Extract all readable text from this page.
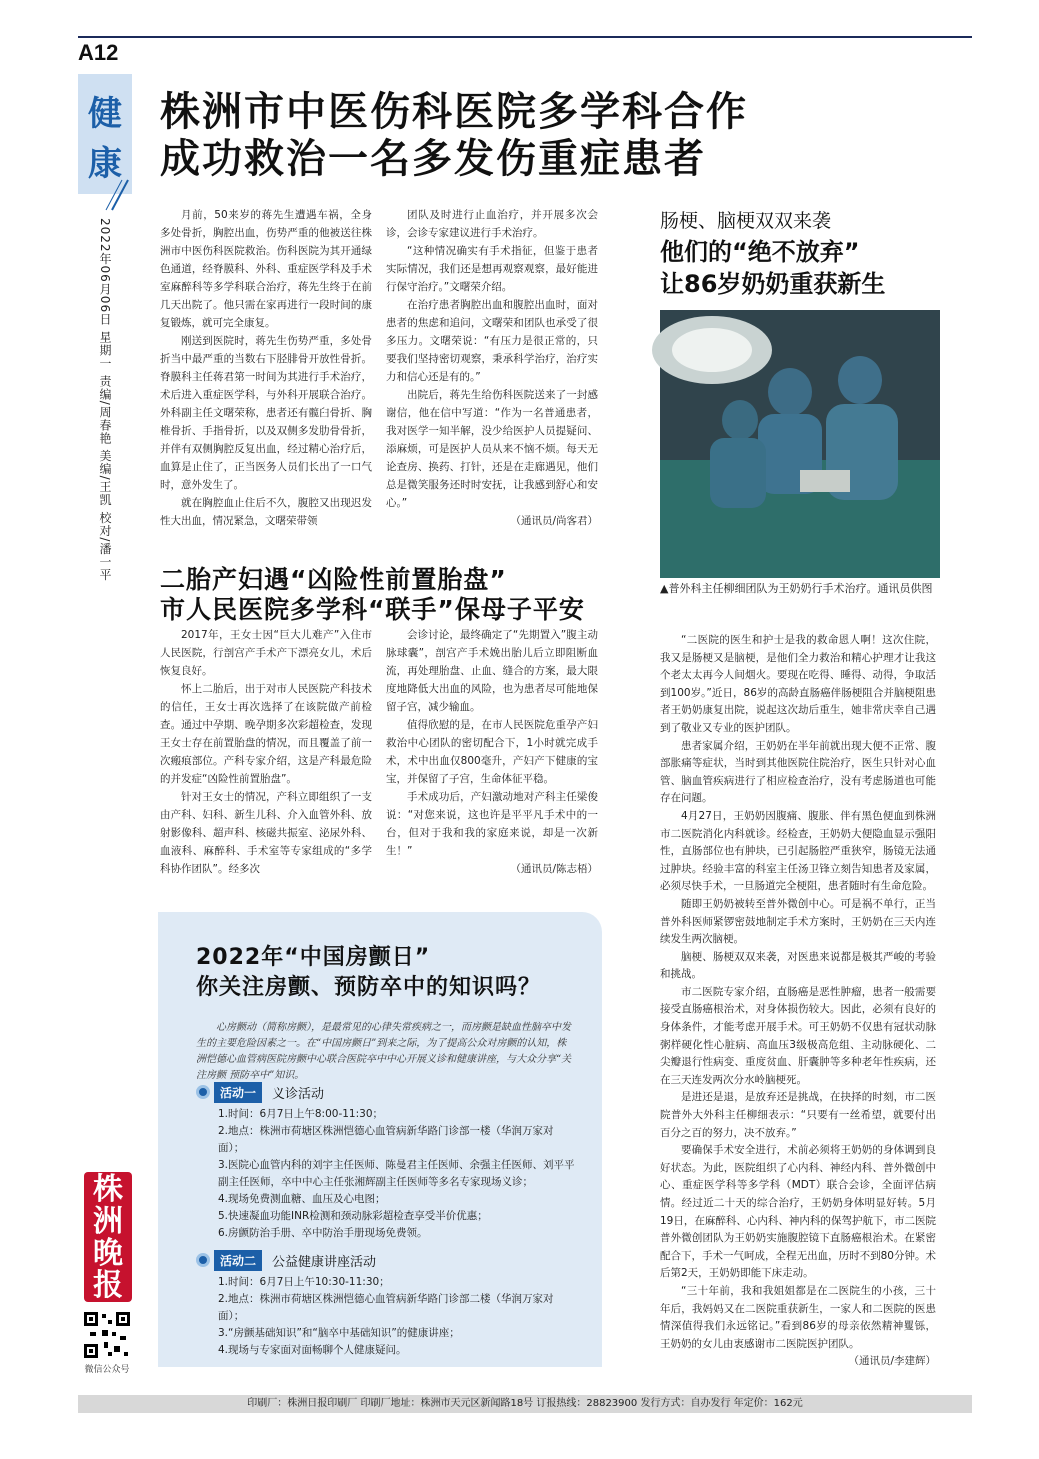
A12
健
康
2022年06月06日 星期一 责编/周春艳 美编/王凯 校对/潘一平
株洲市中医伤科医院多学科合作
成功救治一名多发伤重症患者

月前，50来岁的蒋先生遭遇车祸，全身多处骨折，胸腔出血，伤势严重的他被送往株洲市中医伤科医院救治。伤科医院为其开通绿色通道，经脊膜科、外科、重症医学科及手术室麻醉科等多学科联合治疗，蒋先生终于在前几天出院了。他只需在家再进行一段时间的康复锻炼，就可完全康复。

刚送到医院时，蒋先生伤势严重，多处骨折当中最严重的当数右下胫腓骨开放性骨折。脊膜科主任蒋君第一时间为其进行手术治疗，术后进入重症医学科，与外科开展联合治疗。外科副主任文曙荣称，患者还有髋臼骨折、胸椎骨折、手指骨折，以及双侧多发肋骨骨折，并伴有双侧胸腔反复出血，经过精心治疗后，血算是止住了，正当医务人员们长出了一口气时，意外发生了。

就在胸腔血止住后不久，腹腔又出现迟发性大出血，情况紧急，文曙荣带领

团队及时进行止血治疗，并开展多次会诊，会诊专家建议进行手术治疗。

“这种情况确实有手术指征，但鉴于患者实际情况，我们还是想再观察观察，最好能进行保守治疗。”文曙荣介绍。

在治疗患者胸腔出血和腹腔出血时，面对患者的焦虑和追问，文曙荣和团队也承受了很多压力。文曙荣说：“有压力是很正常的，只要我们坚持密切观察，秉承科学治疗，治疗实力和信心还是有的。”

出院后，蒋先生给伤科医院送来了一封感谢信，他在信中写道：“作为一名普通患者，我对医学一知半解，没少给医护人员提疑问、添麻烦，可是医护人员从来不恼不烦。每天无论查房、换药、打针，还是在走廊遇见，他们总是微笑服务还时时安抚，让我感到舒心和安心。”

（通讯员/尚客君）

二胎产妇遇“凶险性前置胎盘”
市人民医院多学科“联手”保母子平安

2017年，王女士因“巨大儿难产”入住市人民医院，行剖宫产手术产下漂亮女儿，术后恢复良好。

怀上二胎后，出于对市人民医院产科技术的信任，王女士再次选择了在该院做产前检查。通过中孕期、晚孕期多次彩超检查，发现王女士存在前置胎盘的情况，而且覆盖了前一次瘢痕部位。产科专家介绍，这是产科最危险的并发症“凶险性前置胎盘”。

针对王女士的情况，产科立即组织了一支由产科、妇科、新生儿科、介入血管外科、放射影像科、超声科、核磁共振室、泌尿外科、血液科、麻醉科、手术室等专家组成的“多学科协作团队”。经多次

会诊讨论，最终确定了“先期置入”腹主动脉球囊”，剖宫产手术娩出胎儿后立即阻断血流，再处理胎盘、止血、缝合的方案，最大限度地降低大出血的风险，也为患者尽可能地保留子宫，减少输血。

值得欣慰的是，在市人民医院危重孕产妇救治中心团队的密切配合下，1小时就完成手术，术中出血仅800毫升，产妇产下健康的宝宝，并保留了子宫，生命体征平稳。

手术成功后，产妇激动地对产科主任梁俊说：“对您来说，这也许是平平凡手术中的一台，但对于我和我的家庭来说，却是一次新生！”

（通讯员/陈志梧）

肠梗、脑梗双双来袭
他们的“绝不放弃”
让86岁奶奶重获新生
▲普外科主任柳细团队为王奶奶行手术治疗。通讯员供图

“二医院的医生和护士是我的救命恩人啊！这次住院，我又是肠梗又是脑梗，是他们全力救治和精心护理才让我这个老太太再今人间烟火。要现在吃得、睡得、动得，争取活到100岁。”近日，86岁的高龄直肠癌伴肠梗阻合并脑梗阻患者王奶奶康复出院，说起这次劫后重生，她非常庆幸自己遇到了敬业又专业的医护团队。

患者家属介绍，王奶奶在半年前就出现大便不正常、腹部胀痛等症状，当时到其他医院住院治疗，医生只针对心血管、脑血管疾病进行了相应检查治疗，没有考虑肠道也可能存在问题。

4月27日，王奶奶因腹痛、腹胀、伴有黑色便血到株洲市二医院消化内科就诊。经检查，王奶奶大便隐血显示强阳性，直肠部位也有肿块，已引起肠腔严重狭窄，肠镜无法通过肿块。经验丰富的科室主任汤卫锋立刻告知患者及家属，必须尽快手术，一旦肠道完全梗阻，患者随时有生命危险。

随即王奶奶被转至普外微创中心。可是祸不单行，正当普外科医师紧锣密鼓地制定手术方案时，王奶奶在三天内连续发生两次脑梗。

脑梗、肠梗双双来袭，对医患来说都是极其严峻的考验和挑战。

市二医院专家介绍，直肠癌是恶性肿瘤，患者一般需要接受直肠癌根治术，对身体损伤较大。因此，必须有良好的身体条件，才能考虑开展手术。可王奶奶不仅患有冠状动脉粥样硬化性心脏病、高血压3级极高危组、主动脉硬化、二尖瓣退行性病变、重度贫血、肝囊肿等多种老年性疾病，还在三天连发两次分水岭脑梗死。

是进还是退，是放弃还是挑战，在抉择的时刻，市二医院普外大外科主任柳细表示：“只要有一丝希望，就要付出百分之百的努力，决不放弃。”

要确保手术安全进行，术前必须将王奶奶的身体调到良好状态。为此，医院组织了心内科、神经内科、普外微创中心、重症医学科等多学科（MDT）联合会诊，全面评估病情。经过近二十天的综合治疗，王奶奶身体明显好转。5月19日，在麻醉科、心内科、神内科的保驾护航下，市二医院普外微创团队为王奶奶实施腹腔镜下直肠癌根治术。在紧密配合下，手术一气呵成，全程无出血，历时不到80分钟。术后第2天，王奶奶即能下床走动。

“三十年前，我和我姐姐都是在二医院生的小孩，三十年后，我妈妈又在二医院重获新生，一家人和二医院的医患情深值得我们永远铭记。”看到86岁的母亲依然精神矍铄，王奶奶的女儿由衷感谢市二医院医护团队。

（通讯员/李建辉）

2022年“中国房颤日”
你关注房颤、预防卒中的知识吗？
心房颤动（简称房颤），是最常见的心律失常疾病之一，而房颤是缺血性脑卒中发生的主要危险因素之一。在“中国房颤日”到来之际，为了提高公众对房颤的认知，株洲恺德心血管病医院房颤中心联合医院卒中中心开展义诊和健康讲座，与大众分享“关注房颤 预防卒中”知识。
活动一	义诊活动
1.时间：6月7日上午8:00-11:30；
2.地点：株洲市荷塘区株洲恺德心血管病新华路门诊部一楼（华润万家对面）；
3.医院心血管内科的刘宇主任医师、陈曼君主任医师、余强主任医师、刘平平副主任医师，卒中中心主任张湘辉副主任医师等多名专家现场义诊；
4.现场免费测血糖、血压及心电图；
5.快速凝血功能INR检测和颈动脉彩超检查享受半价优惠；
6.房颤防治手册、卒中防治手册现场免费领。
活动二	公益健康讲座活动
1.时间：6月7日上午10:30-11:30；
2.地点：株洲市荷塘区株洲恺德心血管病新华路门诊部二楼（华润万家对面）；
3.“房颤基础知识”和“脑卒中基础知识”的健康讲座；
4.现场与专家面对面畅聊个人健康疑问。
株洲晚报
微信公众号
印刷厂：株洲日报印刷厂 印刷厂地址：株洲市天元区新闻路18号 订报热线：28823900 发行方式：自办发行 年定价：162元
